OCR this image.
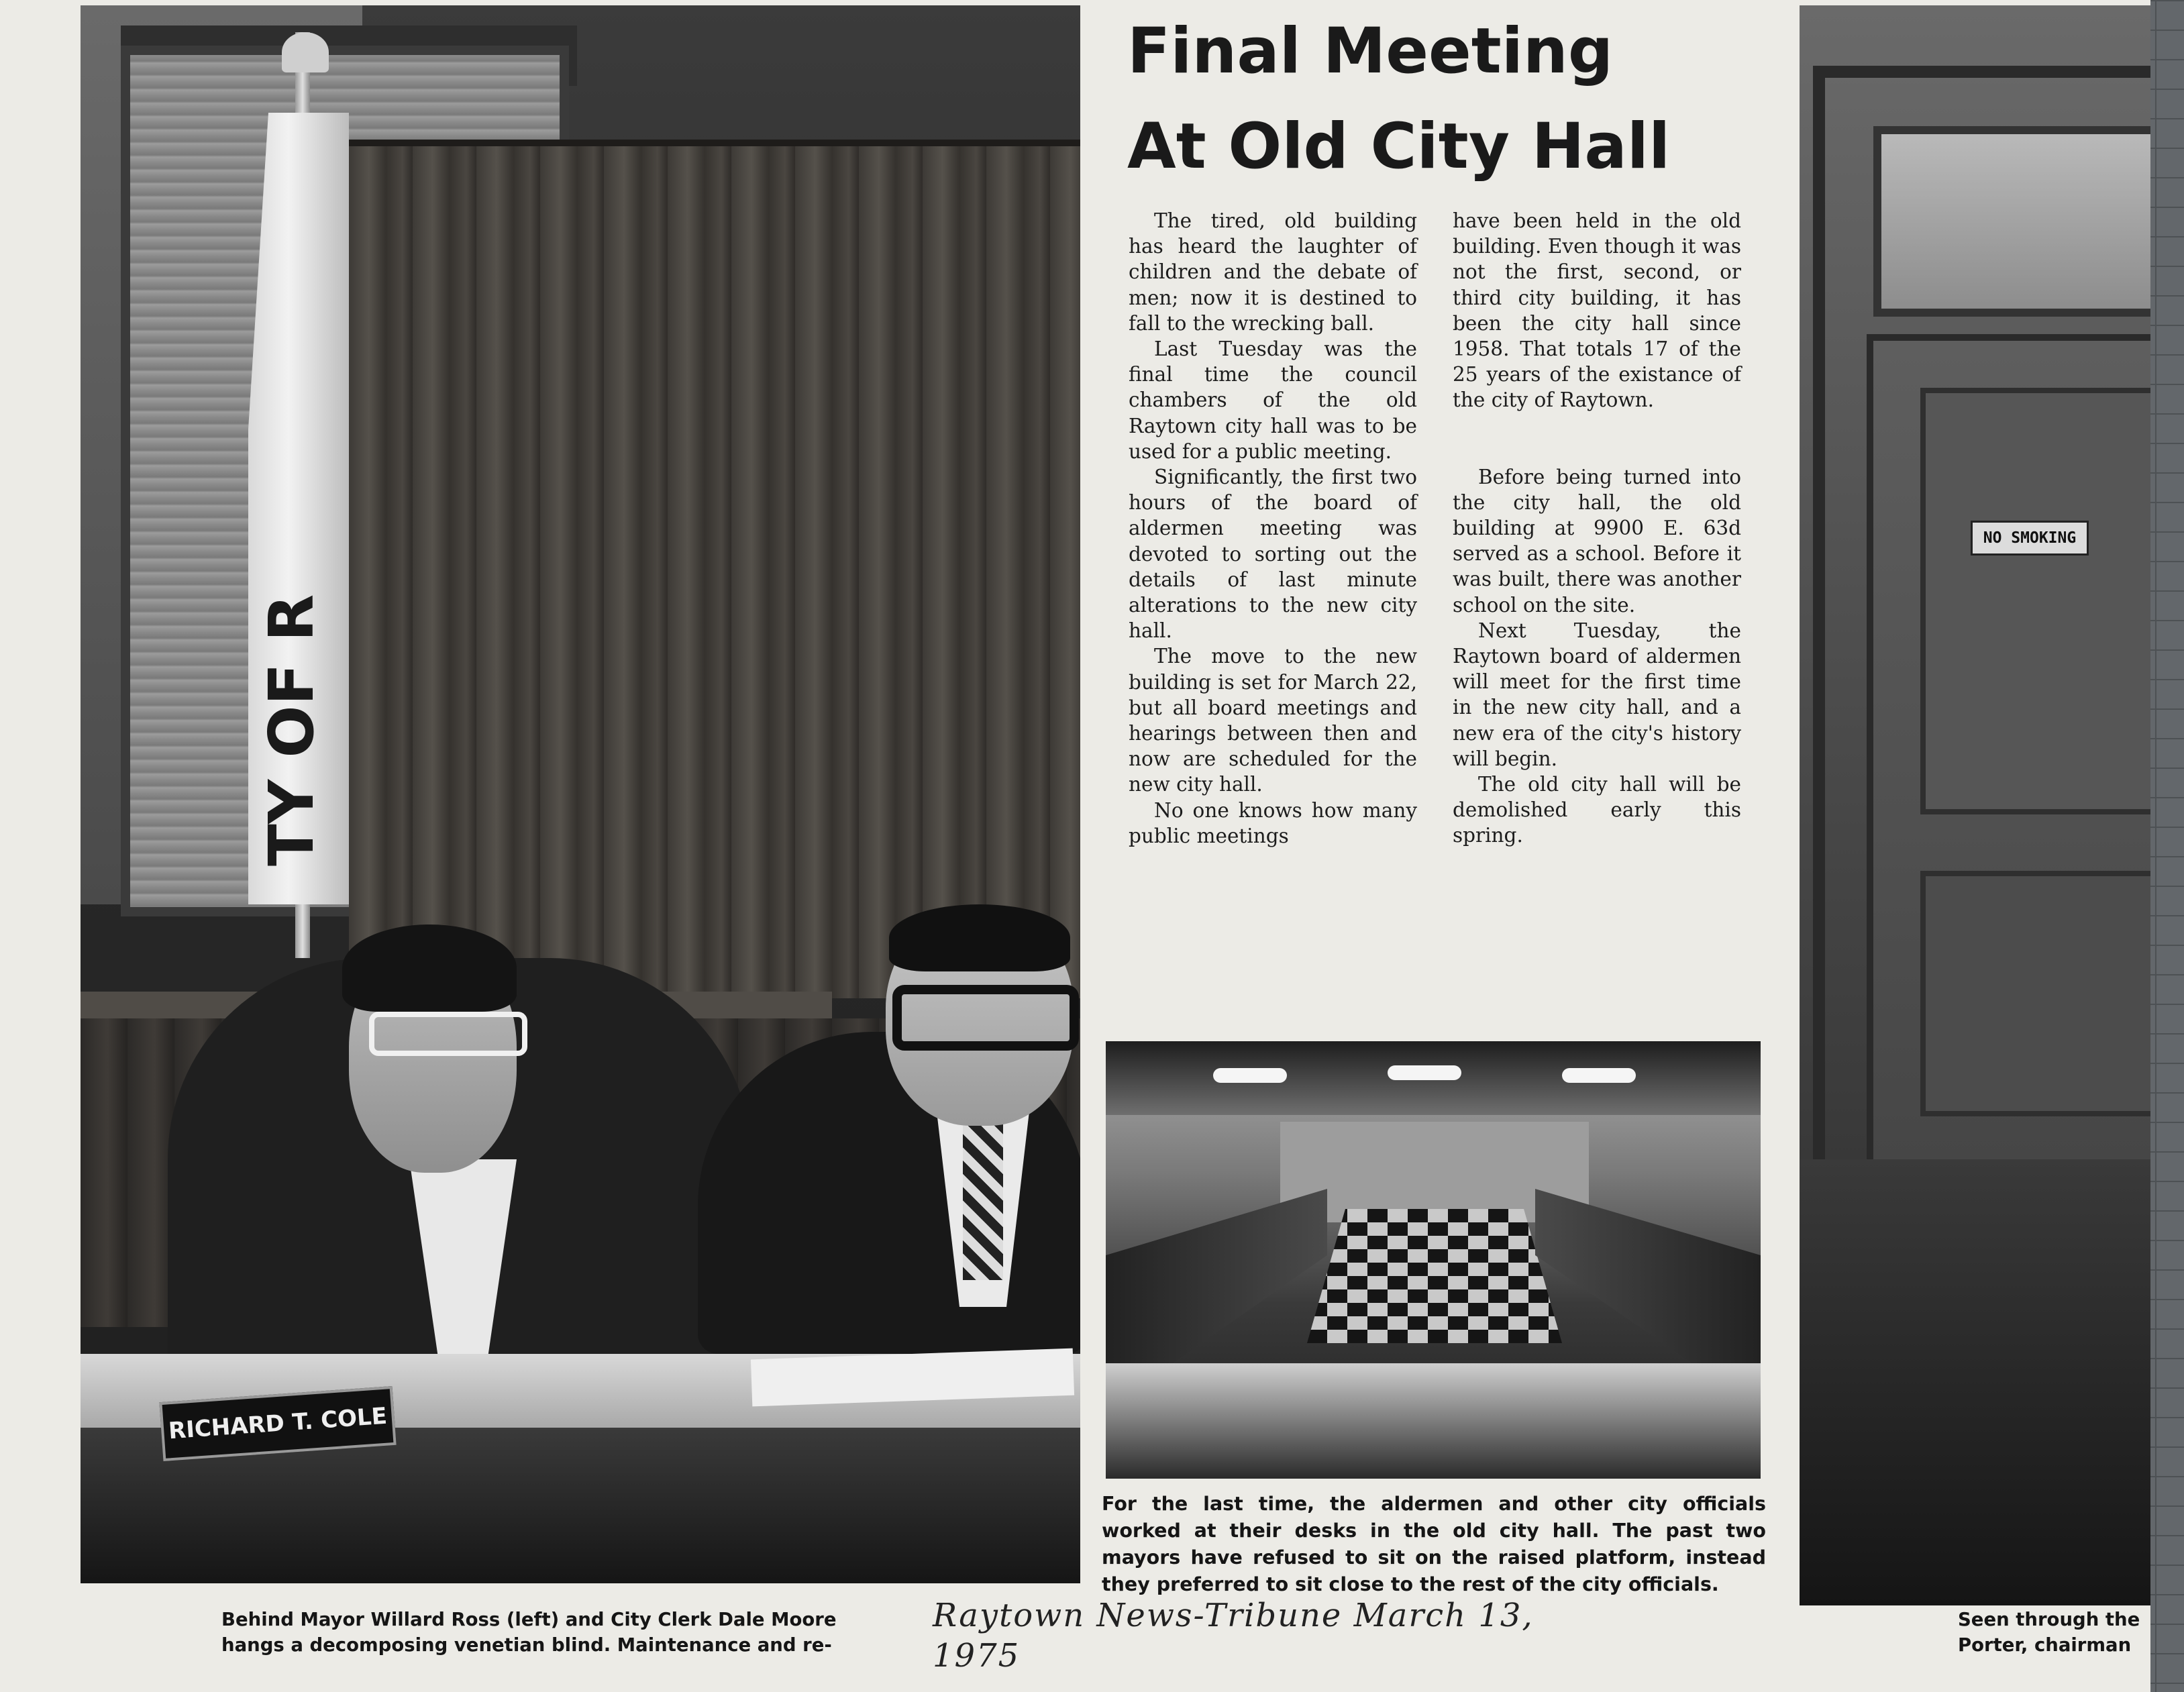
TY OF R
RICHARD T. COLE
Final Meeting
At Old City Hall

The tired, old building has heard the laughter of children and the debate of men; now it is destined to fall to the wrecking ball.

Last Tuesday was the final time the council chambers of the old Raytown city hall was to be used for a public meeting.

Significantly, the first two hours of the board of aldermen meeting was devoted to sorting out the details of last minute alterations to the new city hall.

The move to the new building is set for March 22, but all board meetings and hearings between then and now are scheduled for the new city hall.

No one knows how many public meetings

have been held in the old building. Even though it was not the first, second, or third city building, it has been the city hall since 1958. That totals 17 of the 25 years of the existance of the city of Raytown.

Before being turned into the city hall, the old building at 9900 E. 63d served as a school. Before it was built, there was another school on the site.

Next Tuesday, the Raytown board of aldermen will meet for the first time in the new city hall, and a new era of the city's history will begin.

The old city hall will be demolished early this spring.

For the last time, the aldermen and other city officials worked at their desks in the old city hall. The past two mayors have refused to sit on the raised platform, instead they preferred to sit close to the rest of the city officials.
NO SMOKING
Behind Mayor Willard Ross (left) and City Clerk Dale Moore hangs a decomposing venetian blind. Maintenance and re-
Raytown News-Tribune March 13, 1975
Seen through the
Porter, chairman
